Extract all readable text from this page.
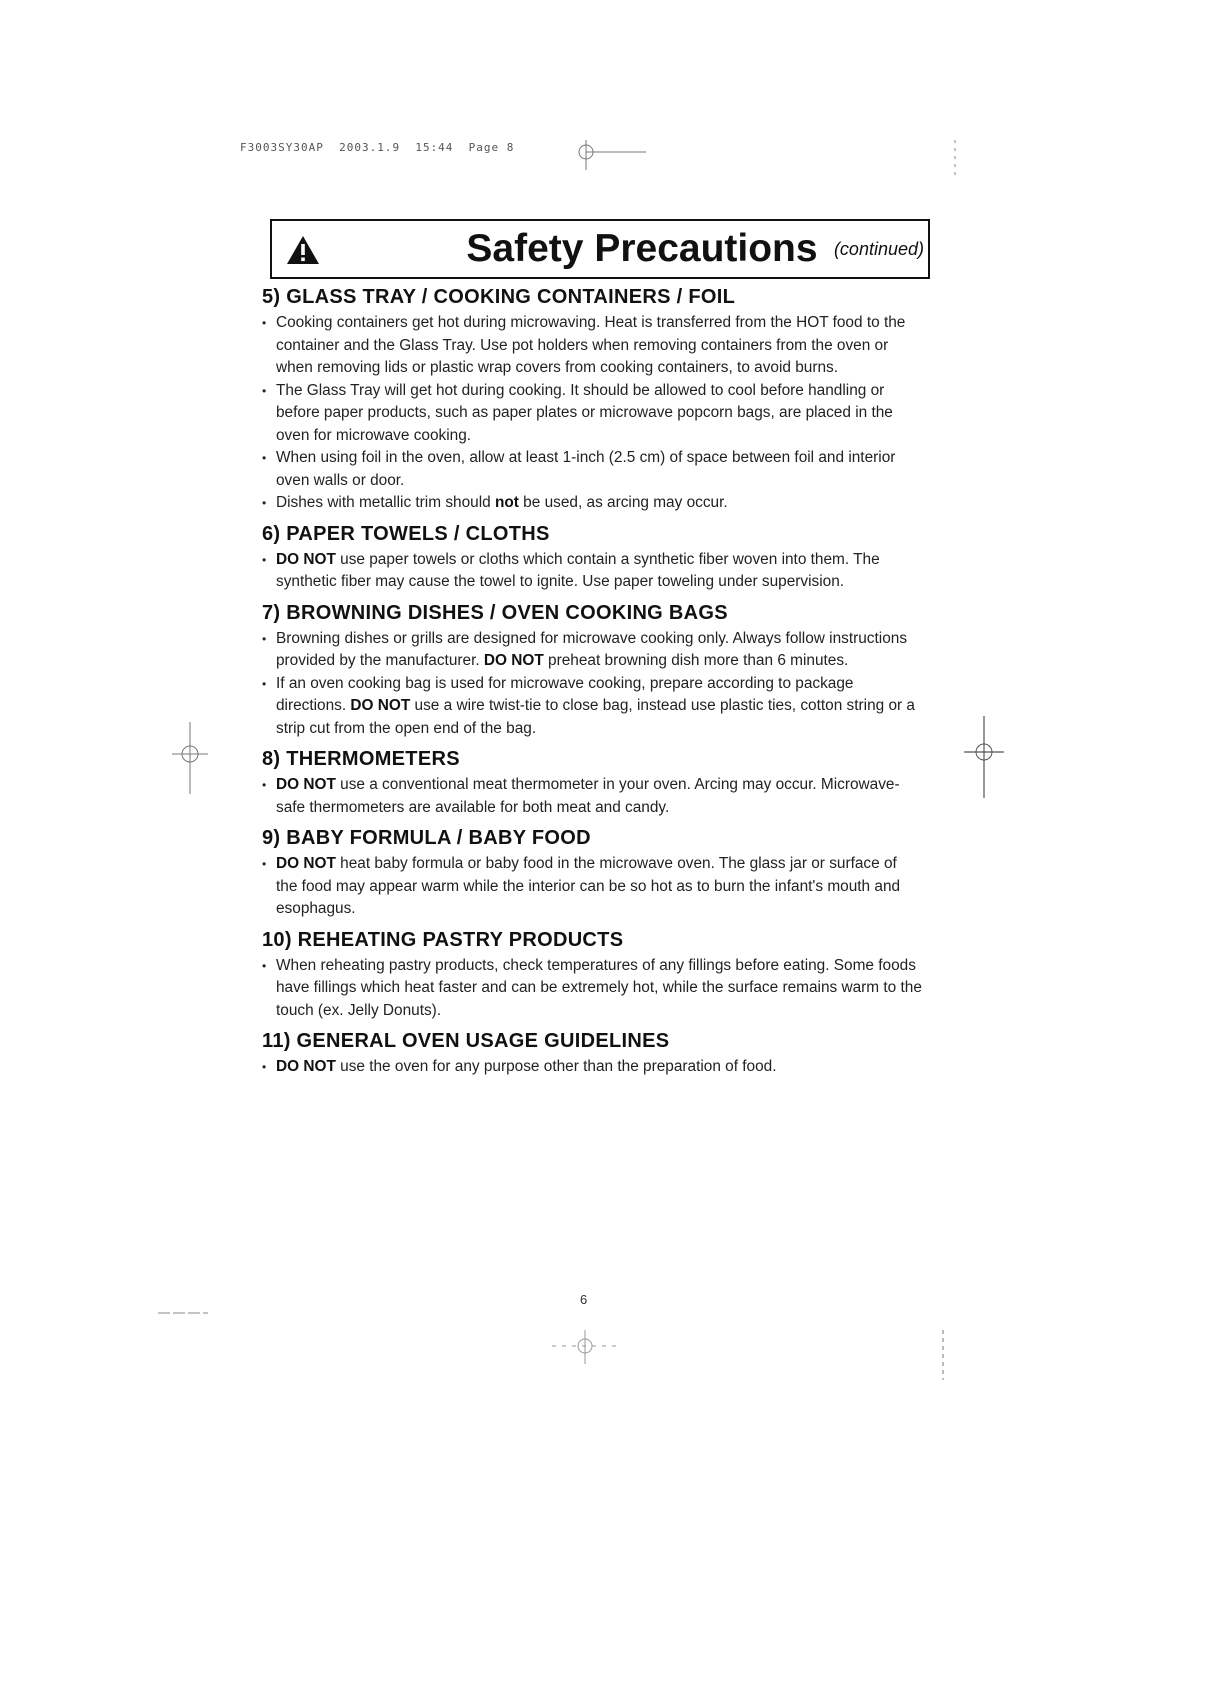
F3003SY30AP  2003.1.9  15:44  Page 8
Safety Precautions (continued)
5) GLASS TRAY / COOKING CONTAINERS / FOIL

• Cooking containers get hot during microwaving. Heat is transferred from the HOT food to the container and the Glass Tray. Use pot holders when removing containers from the oven or when removing lids or plastic wrap covers from cooking containers, to avoid burns.

• The Glass Tray will get hot during cooking. It should be allowed to cool before handling or before paper products, such as paper plates or microwave popcorn bags, are placed in the oven for microwave cooking.

• When using foil in the oven, allow at least 1-inch (2.5 cm) of space between foil and interior oven walls or door.

• Dishes with metallic trim should not be used, as arcing may occur.

6) PAPER TOWELS / CLOTHS

• DO NOT use paper towels or cloths which contain a synthetic fiber woven into them. The synthetic fiber may cause the towel to ignite. Use paper toweling under supervision.

7) BROWNING DISHES / OVEN COOKING BAGS

• Browning dishes or grills are designed for microwave cooking only. Always follow instructions provided by the manufacturer. DO NOT preheat browning dish more than 6 minutes.

• If an oven cooking bag is used for microwave cooking, prepare according to package directions. DO NOT use a wire twist-tie to close bag, instead use plastic ties, cotton string or a strip cut from the open end of the bag.

8) THERMOMETERS

• DO NOT use a conventional meat thermometer in your oven. Arcing may occur. Microwave-safe thermometers are available for both meat and candy.

9) BABY FORMULA / BABY FOOD

• DO NOT heat baby formula or baby food in the microwave oven. The glass jar or surface of the food may appear warm while the interior can be so hot as to burn the infant's mouth and esophagus.

10) REHEATING PASTRY PRODUCTS

• When reheating pastry products, check temperatures of any fillings before eating. Some foods have fillings which heat faster and can be extremely hot, while the surface remains warm to the touch (ex. Jelly Donuts).

11) GENERAL OVEN USAGE GUIDELINES

• DO NOT use the oven for any purpose other than the preparation of food.

6
